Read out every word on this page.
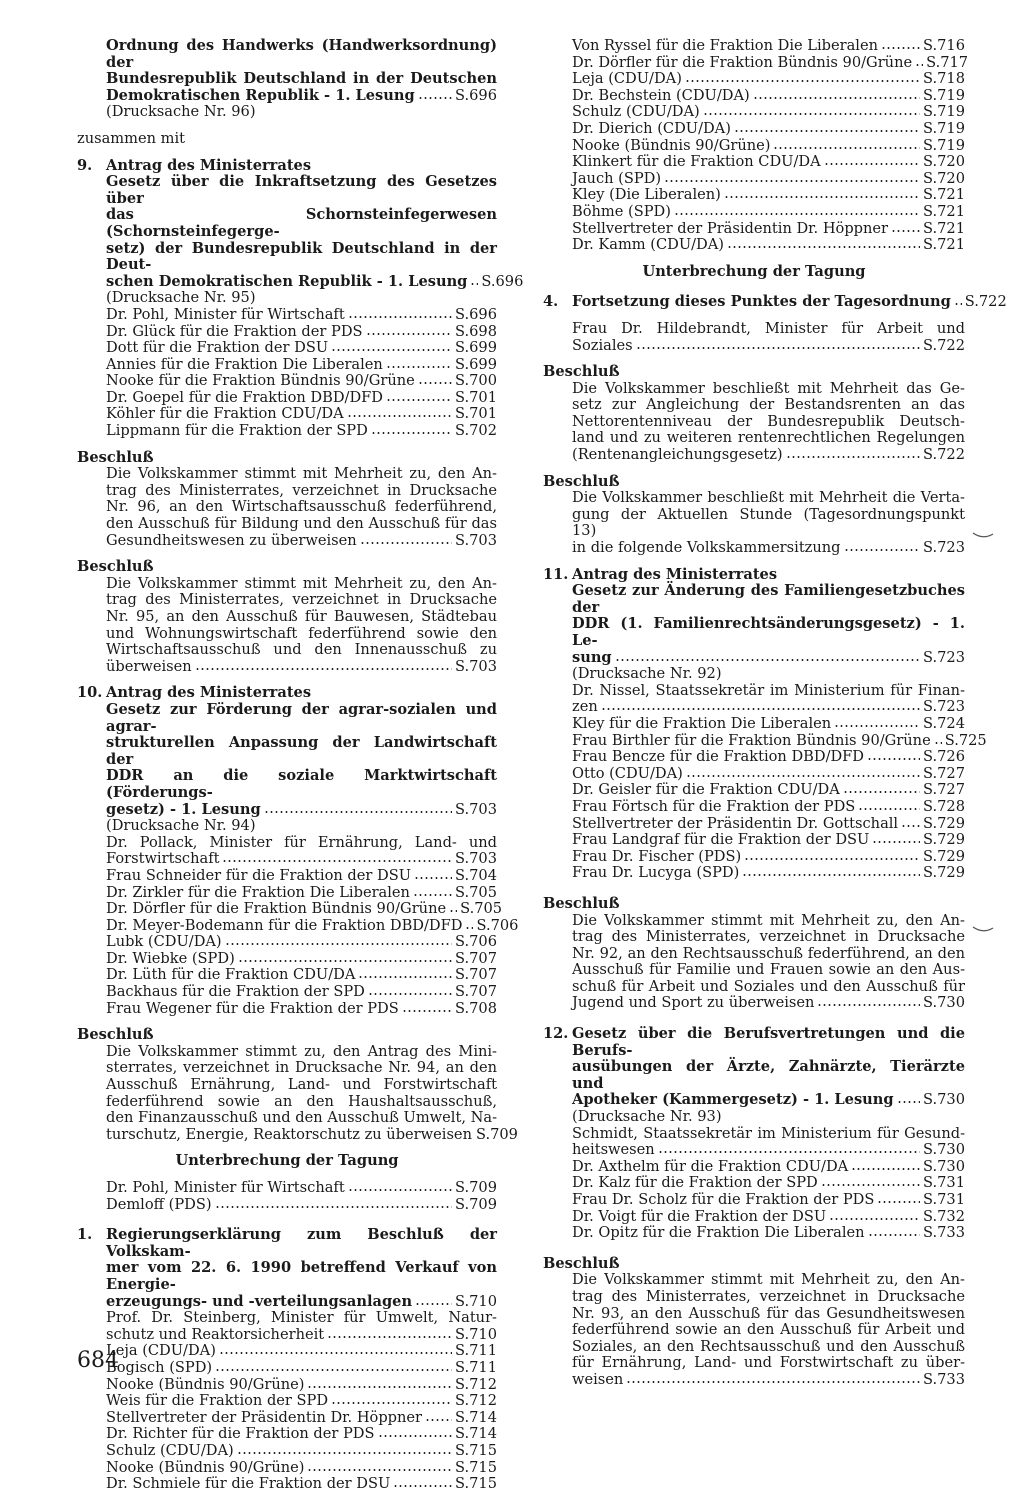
Ordnung des Handwerks (Handwerksordnung) der
Bundesrepublik Deutschland in der Deutschen
Demokratischen Republik - 1. Lesung	S.696
(Drucksache Nr. 96)
zusammen mit
9. Antrag des Ministerrates
Gesetz über die Inkraftsetzung des Gesetzes über
das Schornsteinfegerwesen (Schornsteinfegerge-
setz) der Bundesrepublik Deutschland in der Deut-
schen Demokratischen Republik - 1. Lesung S.696
(Drucksache Nr. 95)
Dr. Pohl, Minister für Wirtschaft	S.696
Dr. Glück für die Fraktion der PDS	S.698
Dott für die Fraktion der DSU	S.699
Annies für die Fraktion Die Liberalen	S.699
Nooke für die Fraktion Bündnis 90/Grüne	S.700
Dr. Goepel für die Fraktion DBD/DFD	S.701
Köhler für die Fraktion CDU/DA	S.701
Lippmann für die Fraktion der SPD	S.702
Beschluß
Die Volkskammer stimmt mit Mehrheit zu, den An-
trag des Ministerrates, verzeichnet in Drucksache
Nr. 96, an den Wirtschaftsausschuß federführend,
den Ausschuß für Bildung und den Ausschuß für das
Gesundheitswesen zu überweisen	S.703
Beschluß
Die Volkskammer stimmt mit Mehrheit zu, den An-
trag des Ministerrates, verzeichnet in Drucksache
Nr. 95, an den Ausschuß für Bauwesen, Städtebau
und Wohnungswirtschaft federführend sowie den
Wirtschaftsausschuß und den Innenausschuß zu
überweisen	S.703
10. Antrag des Ministerrates
Gesetz zur Förderung der agrar-sozialen und agrar-
strukturellen Anpassung der Landwirtschaft der
DDR an die soziale Marktwirtschaft (Förderungs-
gesetz) - 1. Lesung	S.703
(Drucksache Nr. 94)
Dr. Pollack, Minister für Ernährung, Land- und
Forstwirtschaft	S.703
Frau Schneider für die Fraktion der DSU	S.704
Dr. Zirkler für die Fraktion Die Liberalen	S.705
Dr. Dörfler für die Fraktion Bündnis 90/Grüne S.705
Dr. Meyer-Bodemann für die Fraktion DBD/DFD S.706
Lubk (CDU/DA)	S.706
Dr. Wiebke (SPD)	S.707
Dr. Lüth für die Fraktion CDU/DA	S.707
Backhaus für die Fraktion der SPD	S.707
Frau Wegener für die Fraktion der PDS	S.708
Beschluß
Die Volkskammer stimmt zu, den Antrag des Mini-
sterrates, verzeichnet in Drucksache Nr. 94, an den
Ausschuß Ernährung, Land- und Forstwirtschaft
federführend sowie an den Haushaltsausschuß,
den Finanzausschuß und den Ausschuß Umwelt, Na-
turschutz, Energie, Reaktorschutz zu überweisen S.709
Unterbrechung der Tagung
Dr. Pohl, Minister für Wirtschaft	S.709
Demloff (PDS)	S.709
1. Regierungserklärung zum Beschluß der Volkskam-
mer vom 22. 6. 1990 betreffend Verkauf von Energie-
erzeugungs- und -verteilungsanlagen	S.710
Prof. Dr. Steinberg, Minister für Umwelt, Natur-
schutz und Reaktorsicherheit	S.710
Leja (CDU/DA)	S.711
Bogisch (SPD)	S.711
Nooke (Bündnis 90/Grüne)	S.712
Weis für die Fraktion der SPD	S.712
Stellvertreter der Präsidentin Dr. Höppner S.714
Dr. Richter für die Fraktion der PDS	S.714
Schulz (CDU/DA)	S.715
Nooke (Bündnis 90/Grüne)	S.715
Dr. Schmiele für die Fraktion der DSU	S.715
Von Ryssel für die Fraktion Die Liberalen	S.716
Dr. Dörfler für die Fraktion Bündnis 90/Grüne S.717
Leja (CDU/DA)	S.718
Dr. Bechstein (CDU/DA)	S.719
Schulz (CDU/DA)	S.719
Dr. Dierich (CDU/DA)	S.719
Nooke (Bündnis 90/Grüne)	S.719
Klinkert für die Fraktion CDU/DA	S.720
Jauch (SPD)	S.720
Kley (Die Liberalen)	S.721
Böhme (SPD)	S.721
Stellvertreter der Präsidentin Dr. Höppner S.721
Dr. Kamm (CDU/DA)	S.721
Unterbrechung der Tagung
4. Fortsetzung dieses Punktes der Tagesordnung S.722
Frau Dr. Hildebrandt, Minister für Arbeit und
Soziales	S.722
Beschluß
Die Volkskammer beschließt mit Mehrheit das Ge-
setz zur Angleichung der Bestandsrenten an das
Nettorentenniveau der Bundesrepublik Deutsch-
land und zu weiteren rentenrechtlichen Regelungen
(Rentenangleichungsgesetz)	S.722
Beschluß
Die Volkskammer beschließt mit Mehrheit die Verta-
gung der Aktuellen Stunde (Tagesordnungspunkt 13)
in die folgende Volkskammersitzung	S.723
11. Antrag des Ministerrates
Gesetz zur Änderung des Familiengesetzbuches der
DDR (1. Familienrechtsänderungsgesetz) - 1. Le-
sung	S.723
(Drucksache Nr. 92)
Dr. Nissel, Staatssekretär im Ministerium für Finan-
zen	S.723
Kley für die Fraktion Die Liberalen	S.724
Frau Birthler für die Fraktion Bündnis 90/Grüne S.725
Frau Bencze für die Fraktion DBD/DFD	S.726
Otto (CDU/DA)	S.727
Dr. Geisler für die Fraktion CDU/DA	S.727
Frau Förtsch für die Fraktion der PDS	S.728
Stellvertreter der Präsidentin Dr. Gottschall S.729
Frau Landgraf für die Fraktion der DSU	S.729
Frau Dr. Fischer (PDS)	S.729
Frau Dr. Lucyga (SPD)	S.729
Beschluß
Die Volkskammer stimmt mit Mehrheit zu, den An-
trag des Ministerrates, verzeichnet in Drucksache
Nr. 92, an den Rechtsausschuß federführend, an den
Ausschuß für Familie und Frauen sowie an den Aus-
schuß für Arbeit und Soziales und den Ausschuß für
Jugend und Sport zu überweisen	S.730
12. Gesetz über die Berufsvertretungen und die Berufs-
ausübungen der Ärzte, Zahnärzte, Tierärzte und
Apotheker (Kammergesetz) - 1. Lesung S.730
(Drucksache Nr. 93)
Schmidt, Staatssekretär im Ministerium für Gesund-
heitswesen	S.730
Dr. Axthelm für die Fraktion CDU/DA	S.730
Dr. Kalz für die Fraktion der SPD	S.731
Frau Dr. Scholz für die Fraktion der PDS	S.731
Dr. Voigt für die Fraktion der DSU	S.732
Dr. Opitz für die Fraktion Die Liberalen	S.733
Beschluß
Die Volkskammer stimmt mit Mehrheit zu, den An-
trag des Ministerrates, verzeichnet in Drucksache
Nr. 93, an den Ausschuß für das Gesundheitswesen
federführend sowie an den Ausschuß für Arbeit und
Soziales, an den Rechtsausschuß und den Ausschuß
für Ernährung, Land- und Forstwirtschaft zu über-
weisen	S.733
684
